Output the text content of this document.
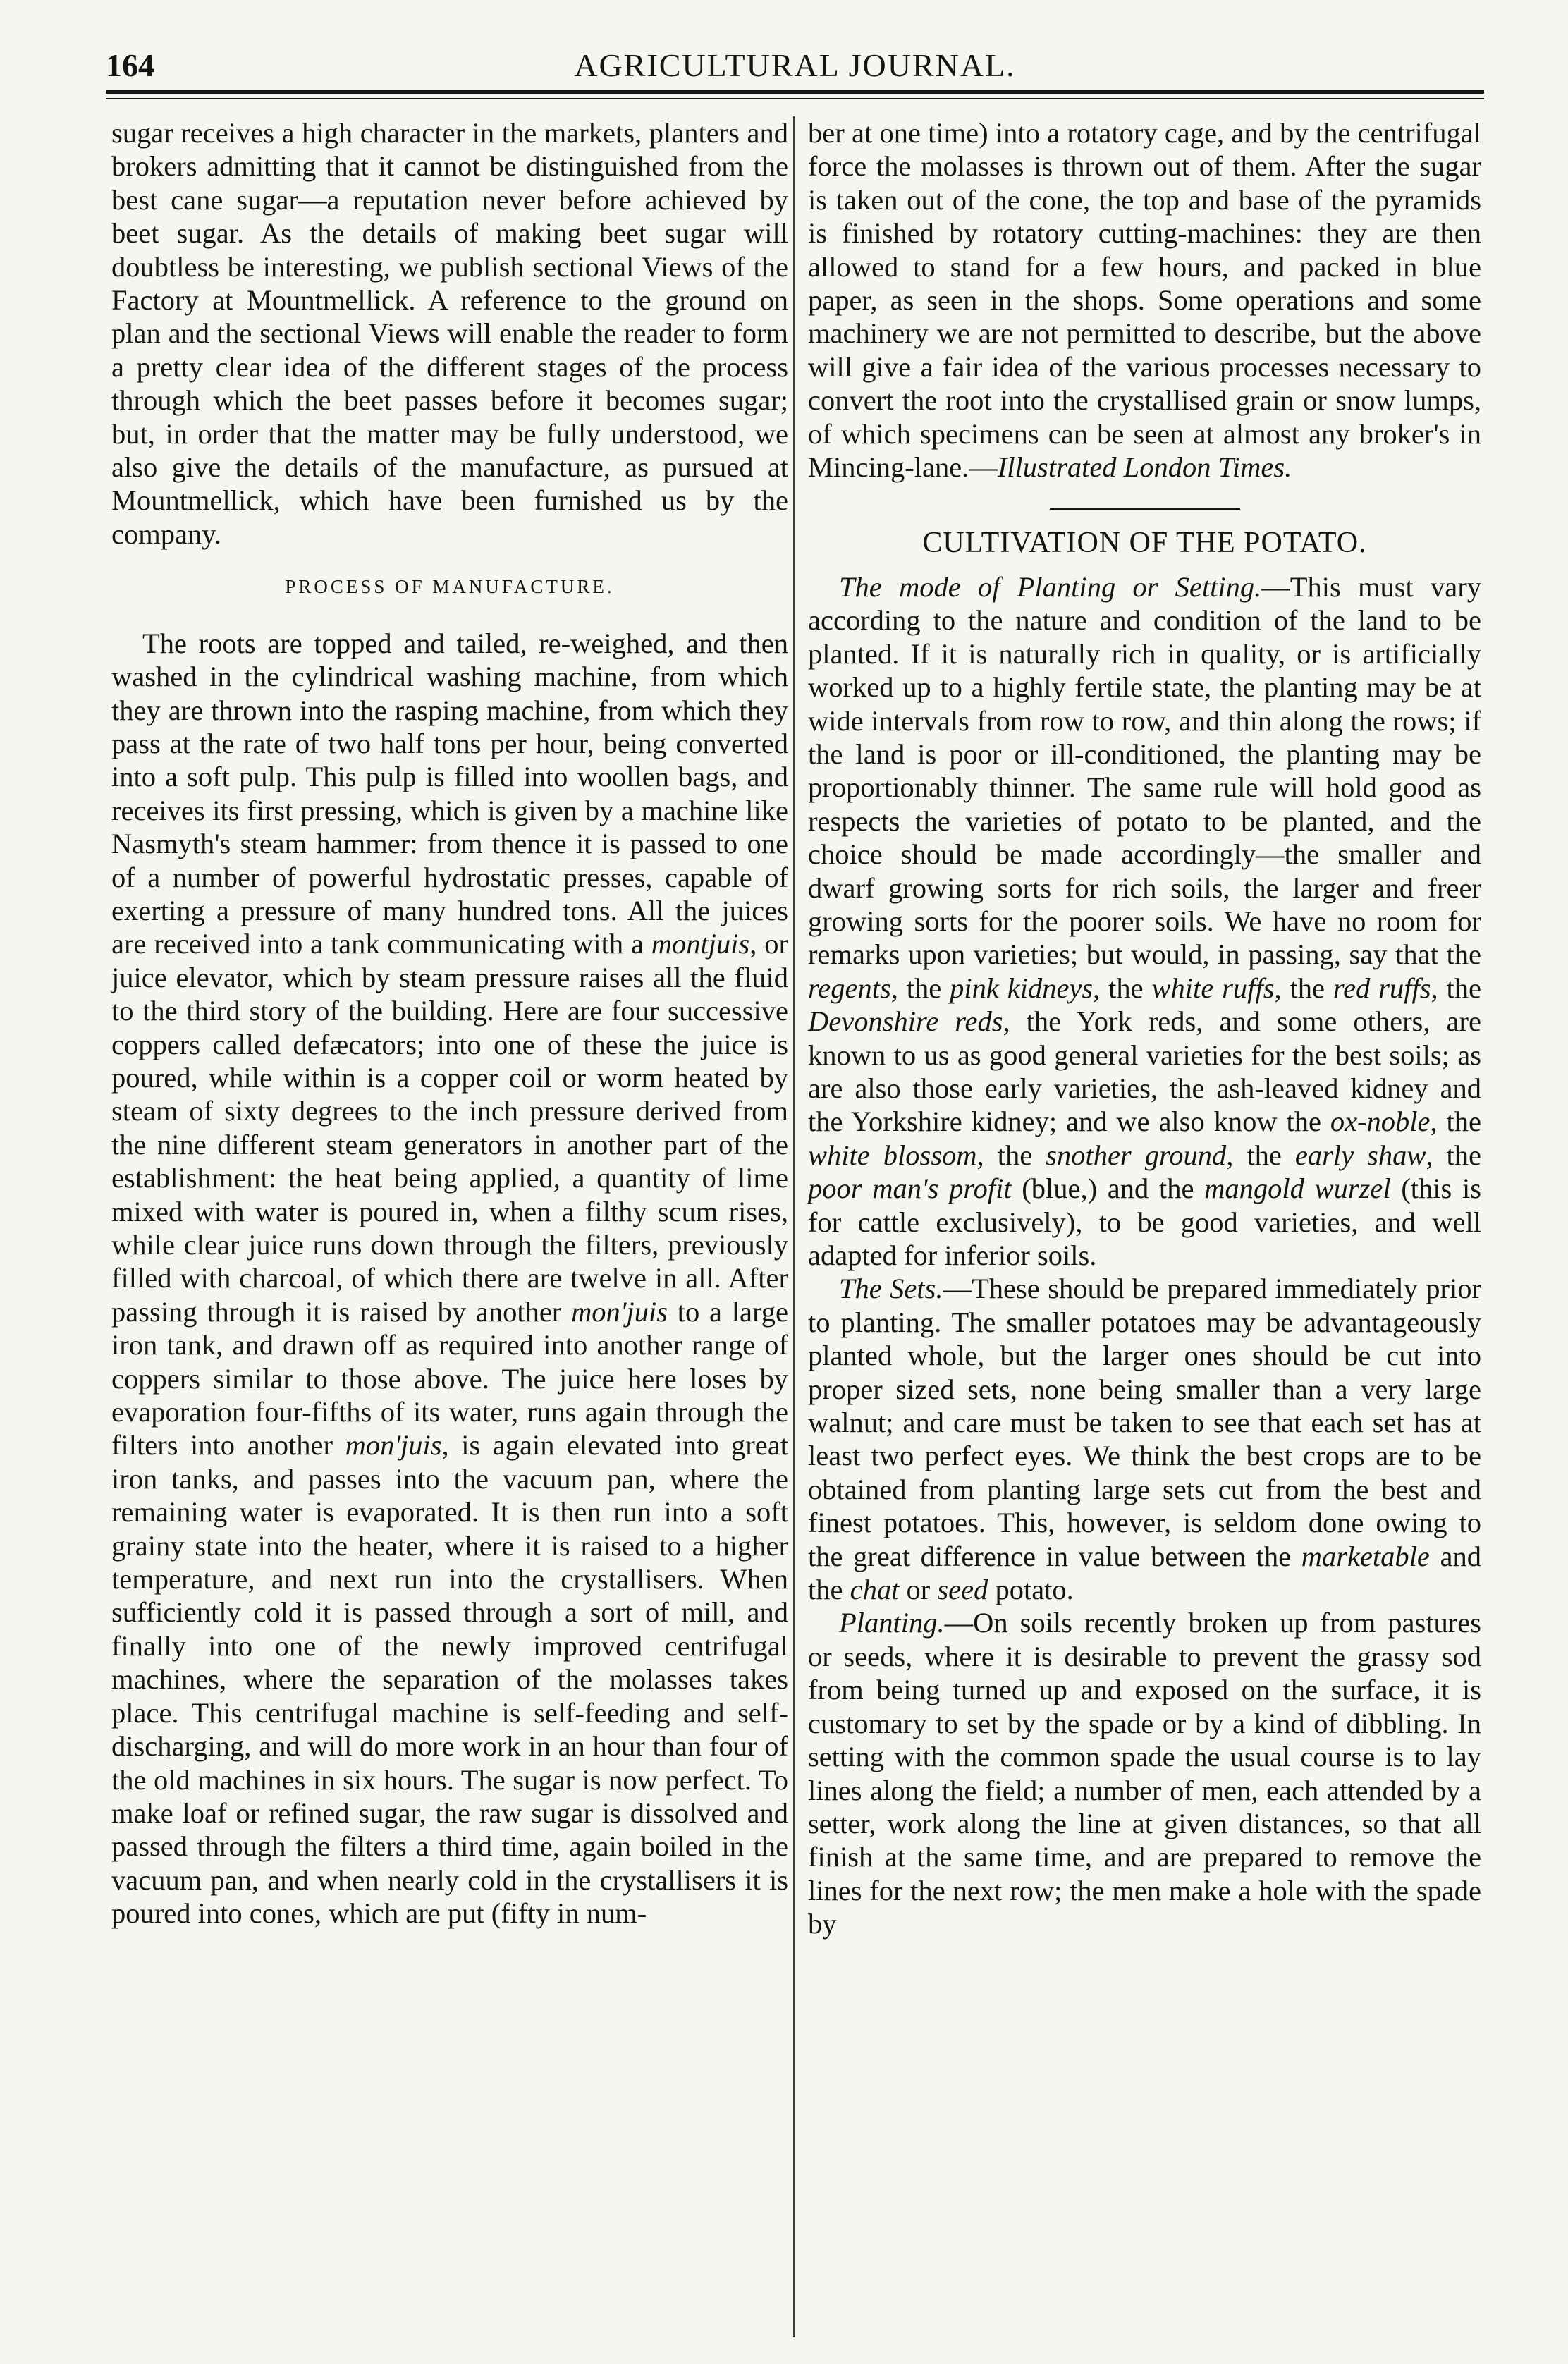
164	AGRICULTURAL JOURNAL.

sugar receives a high character in the markets, planters and brokers admitting that it cannot be distinguished from the best cane sugar—a reputation never before achieved by beet sugar. As the details of making beet sugar will doubtless be interesting, we publish sectional Views of the Factory at Mountmellick. A reference to the ground on plan and the sectional Views will enable the reader to form a pretty clear idea of the different stages of the process through which the beet passes before it becomes sugar; but, in order that the matter may be fully understood, we also give the details of the manufacture, as pursued at Mountmellick, which have been furnished us by the company.

PROCESS OF MANUFACTURE.

The roots are topped and tailed, re-weighed, and then washed in the cylindrical washing machine, from which they are thrown into the rasping machine, from which they pass at the rate of two half tons per hour, being converted into a soft pulp. This pulp is filled into woollen bags, and receives its first pressing, which is given by a machine like Nasmyth's steam hammer: from thence it is passed to one of a number of powerful hydrostatic presses, capable of exerting a pressure of many hundred tons. All the juices are received into a tank communicating with a montjuis, or juice elevator, which by steam pressure raises all the fluid to the third story of the building. Here are four successive coppers called defæcators; into one of these the juice is poured, while within is a copper coil or worm heated by steam of sixty degrees to the inch pressure derived from the nine different steam generators in another part of the establishment: the heat being applied, a quantity of lime mixed with water is poured in, when a filthy scum rises, while clear juice runs down through the filters, previously filled with charcoal, of which there are twelve in all. After passing through it is raised by another mon'juis to a large iron tank, and drawn off as required into another range of coppers similar to those above. The juice here loses by evaporation four-fifths of its water, runs again through the filters into another mon'juis, is again elevated into great iron tanks, and passes into the vacuum pan, where the remaining water is evaporated. It is then run into a soft grainy state into the heater, where it is raised to a higher temperature, and next run into the crystallisers. When sufficiently cold it is passed through a sort of mill, and finally into one of the newly improved centrifugal machines, where the separation of the molasses takes place. This centrifugal machine is self-feeding and self-discharging, and will do more work in an hour than four of the old machines in six hours. The sugar is now perfect. To make loaf or refined sugar, the raw sugar is dissolved and passed through the filters a third time, again boiled in the vacuum pan, and when nearly cold in the crystallisers it is poured into cones, which are put (fifty in num-

ber at one time) into a rotatory cage, and by the centrifugal force the molasses is thrown out of them. After the sugar is taken out of the cone, the top and base of the pyramids is finished by rotatory cutting-machines: they are then allowed to stand for a few hours, and packed in blue paper, as seen in the shops. Some operations and some machinery we are not permitted to describe, but the above will give a fair idea of the various processes necessary to convert the root into the crystallised grain or snow lumps, of which specimens can be seen at almost any broker's in Mincing-lane.—Illustrated London Times.

CULTIVATION OF THE POTATO.

The mode of Planting or Setting.—This must vary according to the nature and condition of the land to be planted. If it is naturally rich in quality, or is artificially worked up to a highly fertile state, the planting may be at wide intervals from row to row, and thin along the rows; if the land is poor or ill-conditioned, the planting may be proportionably thinner. The same rule will hold good as respects the varieties of potato to be planted, and the choice should be made accordingly—the smaller and dwarf growing sorts for rich soils, the larger and freer growing sorts for the poorer soils. We have no room for remarks upon varieties; but would, in passing, say that the regents, the pink kidneys, the white ruffs, the red ruffs, the Devonshire reds, the York reds, and some others, are known to us as good general varieties for the best soils; as are also those early varieties, the ash-leaved kidney and the Yorkshire kidney; and we also know the ox-noble, the white blossom, the snother ground, the early shaw, the poor man's profit (blue,) and the mangold wurzel (this is for cattle exclusively), to be good varieties, and well adapted for inferior soils.

The Sets.—These should be prepared immediately prior to planting. The smaller potatoes may be advantageously planted whole, but the larger ones should be cut into proper sized sets, none being smaller than a very large walnut; and care must be taken to see that each set has at least two perfect eyes. We think the best crops are to be obtained from planting large sets cut from the best and finest potatoes. This, however, is seldom done owing to the great difference in value between the marketable and the chat or seed potato.

Planting.—On soils recently broken up from pastures or seeds, where it is desirable to prevent the grassy sod from being turned up and exposed on the surface, it is customary to set by the spade or by a kind of dibbling. In setting with the common spade the usual course is to lay lines along the field; a number of men, each attended by a setter, work along the line at given distances, so that all finish at the same time, and are prepared to remove the lines for the next row; the men make a hole with the spade by
